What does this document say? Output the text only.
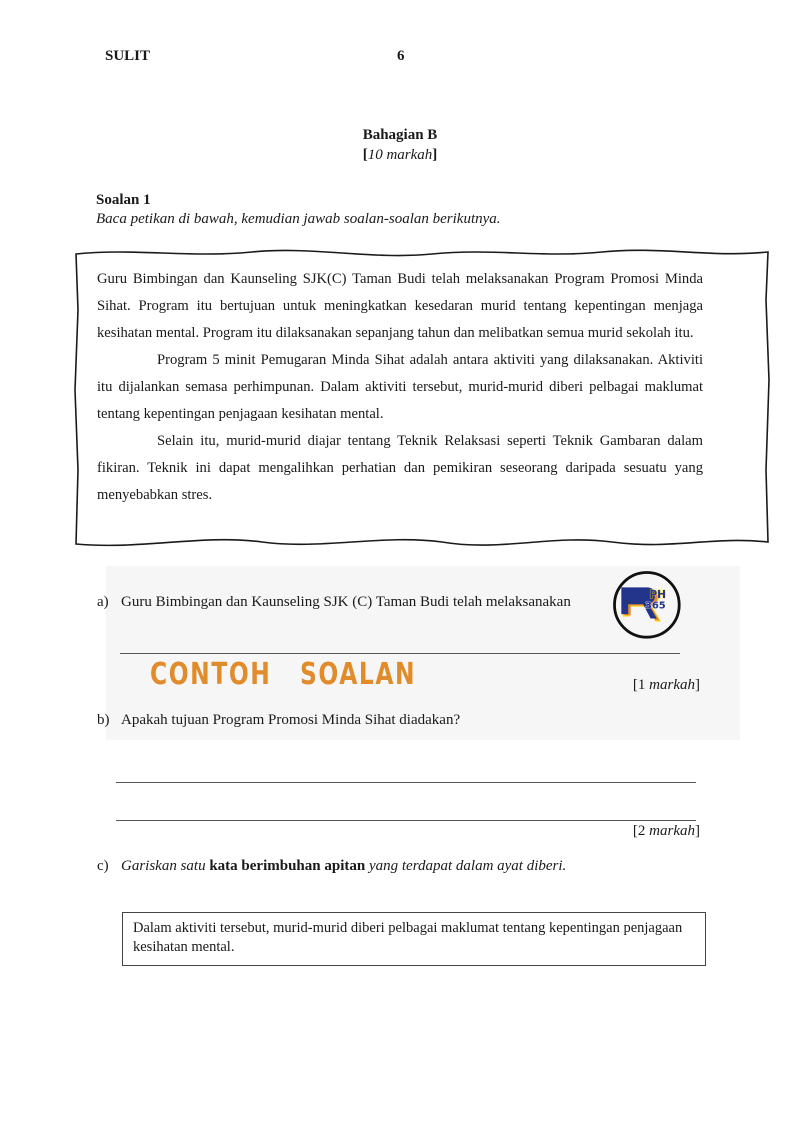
SULIT	6
Bahagian B
[10 markah]
Soalan 1
Baca petikan di bawah, kemudian jawab soalan-soalan berikutnya.

Guru Bimbingan dan Kaunseling SJK(C) Taman Budi telah melaksanakan Program Promosi Minda Sihat. Program itu bertujuan untuk meningkatkan kesedaran murid tentang kepentingan menjaga kesihatan mental. Program itu dilaksanakan sepanjang tahun dan melibatkan semua murid sekolah itu.

Program 5 minit Pemugaran Minda Sihat adalah antara aktiviti yang dilaksanakan. Aktiviti itu dijalankan semasa perhimpunan. Dalam aktiviti tersebut, murid-murid diberi pelbagai maklumat tentang kepentingan penjagaan kesihatan mental.

Selain itu, murid-murid diajar tentang Teknik Relaksasi seperti Teknik Gambaran dalam fikiran. Teknik ini dapat mengalihkan perhatian dan pemikiran seseorang daripada sesuatu yang menyebabkan stres.

a) Guru Bimbingan dan Kaunseling SJK (C) Taman Budi telah melaksanakan
[1 markah]
PH
365
CONTOH SOALAN
b) Apakah tujuan Program Promosi Minda Sihat diadakan?
[2 markah]
c) Gariskan satu kata berimbuhan apitan yang terdapat dalam ayat diberi.
Dalam aktiviti tersebut, murid-murid diberi pelbagai maklumat tentang kepentingan penjagaan kesihatan mental.
